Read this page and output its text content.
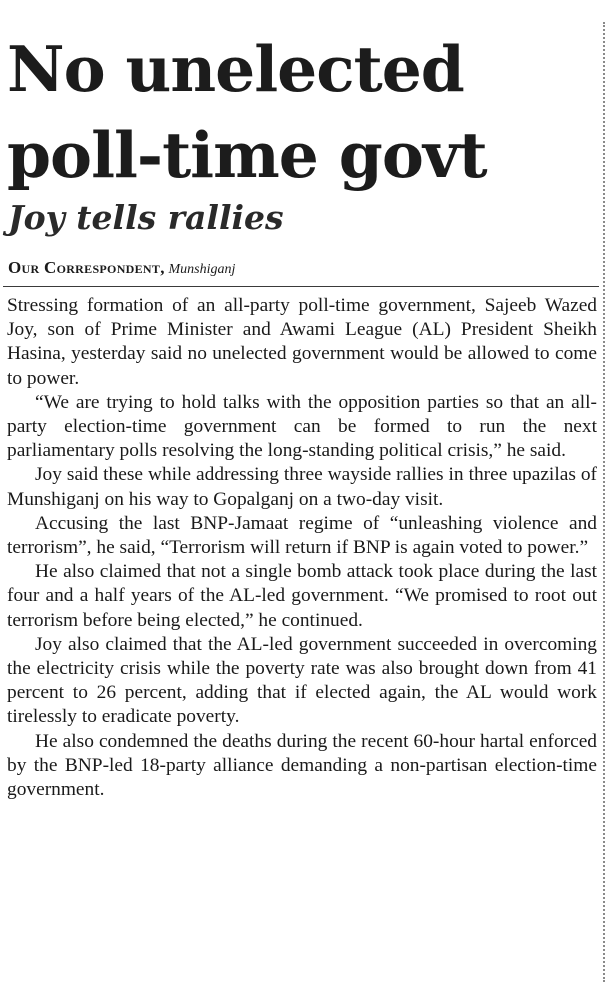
No unelected poll-time govt
Joy tells rallies
Our Correspondent, Munshiganj

Stressing formation of an all-party poll-time government, Sajeeb Wazed Joy, son of Prime Minister and Awami League (AL) President Sheikh Hasina, yesterday said no unelected government would be allowed to come to power.

“We are trying to hold talks with the opposition parties so that an all-party election-time government can be formed to run the next parliamentary polls resolving the long-standing political crisis,” he said.

Joy said these while addressing three wayside rallies in three upazilas of Munshiganj on his way to Gopalganj on a two-day visit.

Accusing the last BNP-Jamaat regime of “unleashing violence and terrorism”, he said, “Terrorism will return if BNP is again voted to power.”

He also claimed that not a single bomb attack took place during the last four and a half years of the AL-led government. “We promised to root out terrorism before being elected,” he continued.

Joy also claimed that the AL-led government succeeded in overcoming the electricity crisis while the poverty rate was also brought down from 41 percent to 26 percent, adding that if elected again, the AL would work tirelessly to eradicate poverty.

He also condemned the deaths during the recent 60-hour hartal enforced by the BNP-led 18-party alliance demanding a non-partisan election-time government.
